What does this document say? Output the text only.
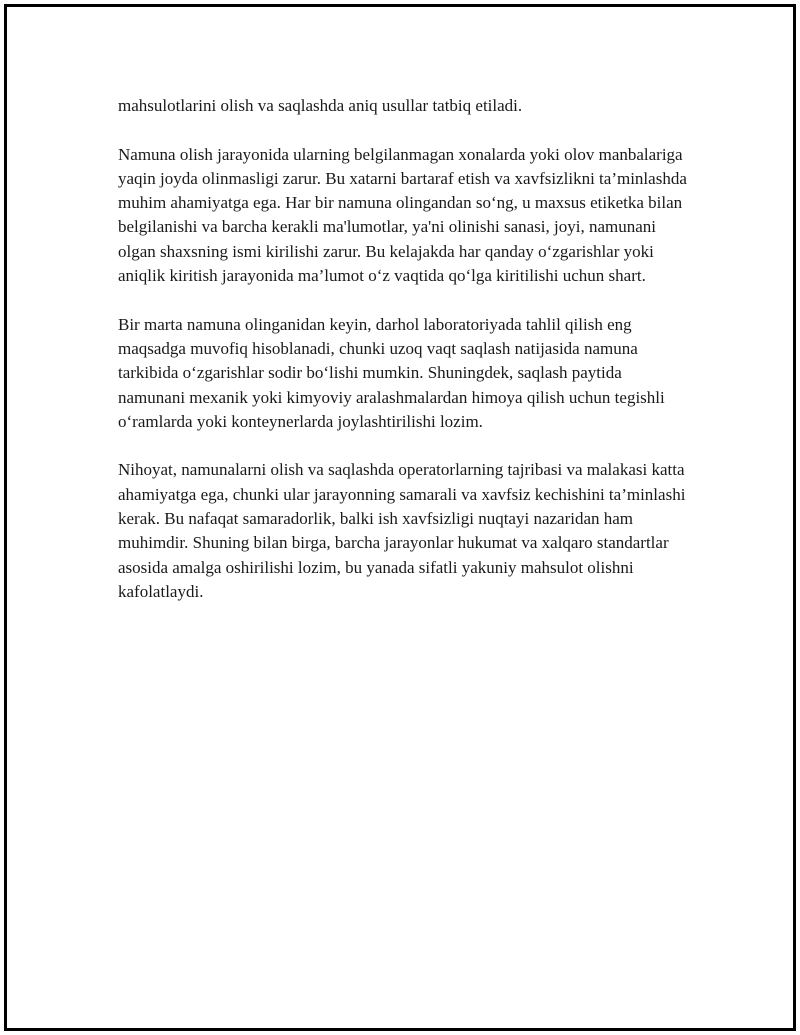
mahsulotlarini olish va saqlashda aniq usullar tatbiq etiladi.

Namuna olish jarayonida ularning belgilanmagan xonalarda yoki olov manbalariga yaqin joyda olinmasligi zarur. Bu xatarni bartaraf etish va xavfsizlikni ta’minlashda muhim ahamiyatga ega. Har bir namuna olingandan so‘ng, u maxsus etiketka bilan belgilanishi va barcha kerakli ma'lumotlar, ya'ni olinishi sanasi, joyi, namunani olgan shaxsning ismi kirilishi zarur. Bu kelajakda har qanday o‘zgarishlar yoki aniqlik kiritish jarayonida ma’lumot o‘z vaqtida qo‘lga kiritilishi uchun shart.

Bir marta namuna olinganidan keyin, darhol laboratoriyada tahlil qilish eng maqsadga muvofiq hisoblanadi, chunki uzoq vaqt saqlash natijasida namuna tarkibida o‘zgarishlar sodir bo‘lishi mumkin. Shuningdek, saqlash paytida namunani mexanik yoki kimyoviy aralashmalardan himoya qilish uchun tegishli o‘ramlarda yoki konteynerlarda joylashtirilishi lozim.

Nihoyat, namunalarni olish va saqlashda operatorlarning tajribasi va malakasi katta ahamiyatga ega, chunki ular jarayonning samarali va xavfsiz kechishini ta’minlashi kerak. Bu nafaqat samaradorlik, balki ish xavfsizligi nuqtayi nazaridan ham muhimdir. Shuning bilan birga, barcha jarayonlar hukumat va xalqaro standartlar asosida amalga oshirilishi lozim, bu yanada sifatli yakuniy mahsulot olishni kafolatlaydi.
